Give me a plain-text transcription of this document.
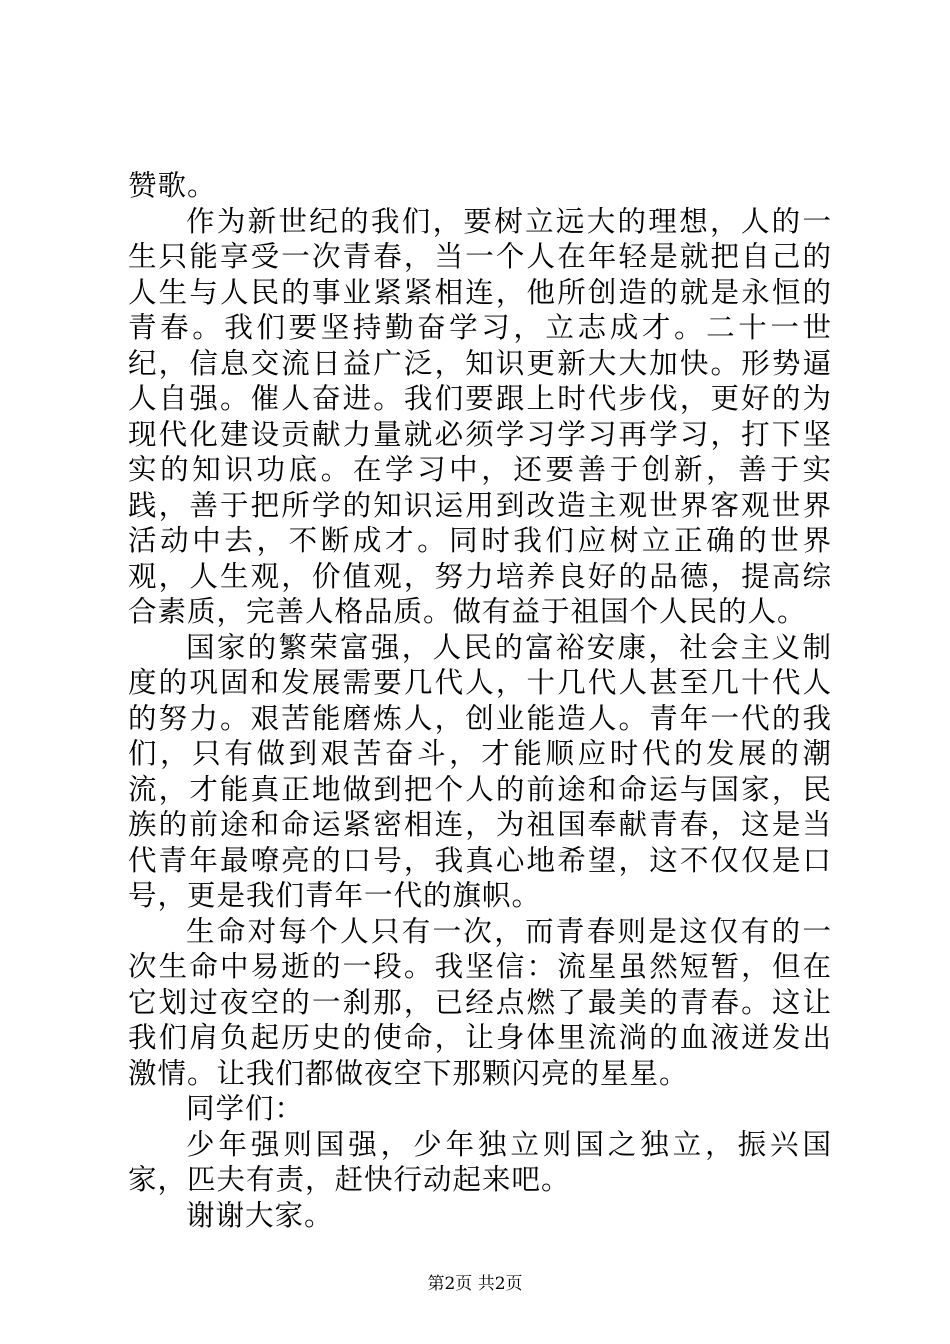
赞歌。

作为新世纪的我们，要树立远大的理想，人的一生只能享受一次青春，当一个人在年轻是就把自己的人生与人民的事业紧紧相连，他所创造的就是永恒的青春。我们要坚持勤奋学习，立志成才。二十一世纪，信息交流日益广泛，知识更新大大加快。形势逼人自强。催人奋进。我们要跟上时代步伐，更好的为现代化建设贡献力量就必须学习学习再学习，打下坚实的知识功底。在学习中，还要善于创新，善于实践，善于把所学的知识运用到改造主观世界客观世界活动中去，不断成才。同时我们应树立正确的世界观，人生观，价值观，努力培养良好的品德，提高综合素质，完善人格品质。做有益于祖国个人民的人。

国家的繁荣富强，人民的富裕安康，社会主义制度的巩固和发展需要几代人，十几代人甚至几十代人的努力。艰苦能磨炼人，创业能造人。青年一代的我们，只有做到艰苦奋斗，才能顺应时代的发展的潮流，才能真正地做到把个人的前途和命运与国家，民族的前途和命运紧密相连，为祖国奉献青春，这是当代青年最嘹亮的口号，我真心地希望，这不仅仅是口号，更是我们青年一代的旗帜。

生命对每个人只有一次，而青春则是这仅有的一次生命中易逝的一段。我坚信：流星虽然短暂，但在它划过夜空的一刹那，已经点燃了最美的青春。这让我们肩负起历史的使命，让身体里流淌的血液迸发出激情。让我们都做夜空下那颗闪亮的星星。

同学们：

少年强则国强，少年独立则国之独立，振兴国家，匹夫有责，赶快行动起来吧。

谢谢大家。

第2页 共2页
